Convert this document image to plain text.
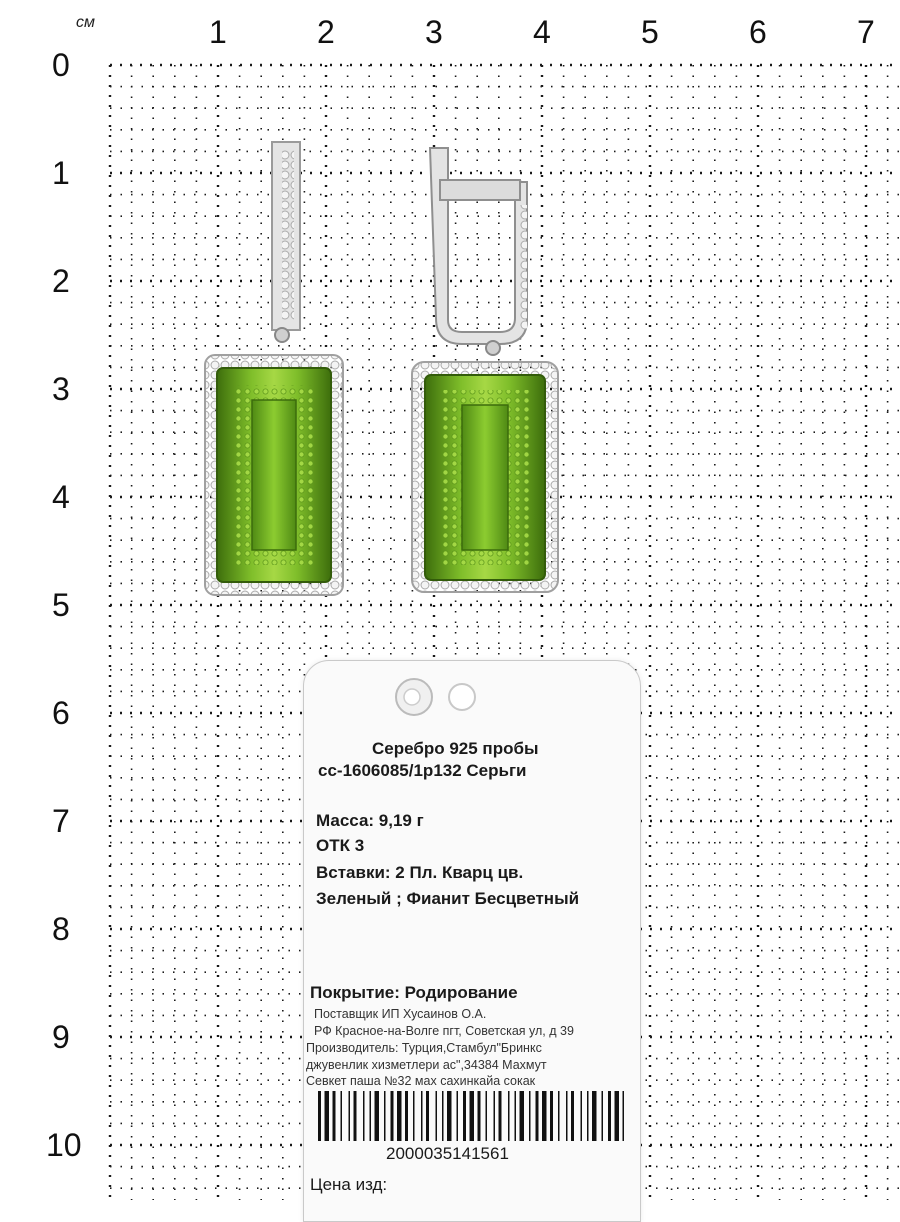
см	1	2	3	4	5	6	7
0
1
2
3
4
5
6
7
8
9
10
Серебро 925 пробы
сс-1606085/1р132 Серьги
Масса: 9,19 г
ОТК 3
Вставки: 2 Пл. Кварц цв.
Зеленый ; Фианит Бесцветный
Покрытие: Родирование
Поставщик ИП Хусаинов О.А.
РФ Красное-на-Волге пгт, Советская ул, д 39
Производитель: Турция,Стамбул"Бринкс
джувенлик хизметлери ас",34384 Махмут
Севкет паша №32 мах сахинкайа сокак
2000035141561
Цена изд:
